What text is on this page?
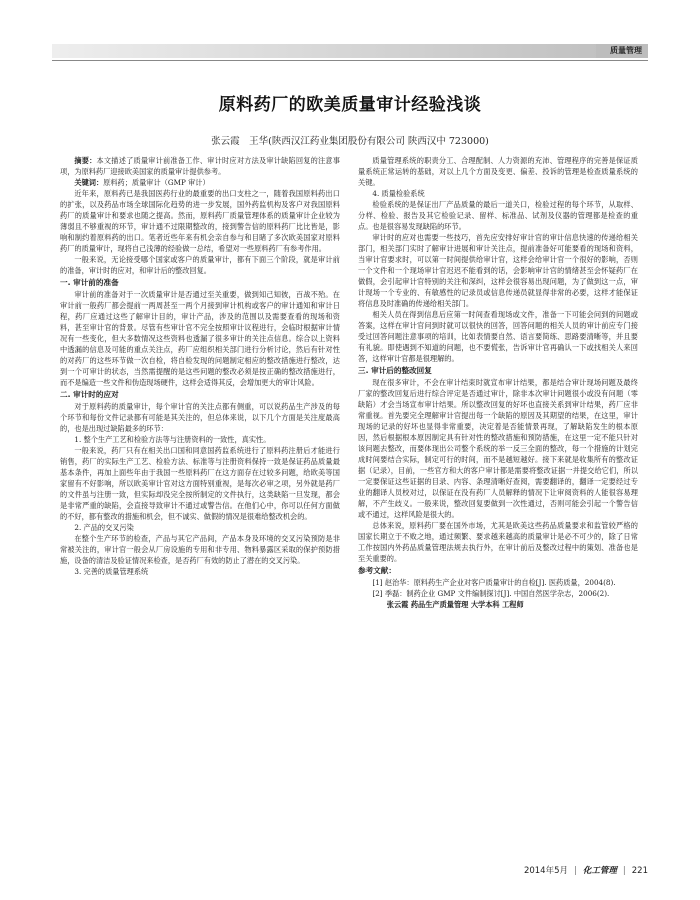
质量管理
原料药厂的欧美质量审计经验浅谈
张云霞　王华(陕西汉江药业集团股份有限公司 陕西汉中 723000)

摘要：本文描述了质量审计前准备工作、审计时应对方法及审计缺陷回复的注意事项，为原料药厂迎接欧美国家的质量审计提供参考。

关键词：原料药；质量审计（GMP 审计）

近年来，原料药已是我国医药行业的最重要的出口支柱之一，随着我国原料药出口的扩张，以及药品市场全球国际化趋势的进一步发展，国外药监机构及客户对我国原料药厂的质量审计和要求也随之提高。然而，原料药厂质量管理体系的质量审计企业较为薄弱且不够重视的环节，审计通不过限期整改的，接到警告信的原料药厂比比皆是，影响和制约着原料药的出口。笔者近些年来有机会亲自参与和目睹了多次欧美国家对原料药厂的质量审计，现将自己浅薄的经验做一总结，希望对一些原料药厂有参考作用。

一般来说，无论接受哪个国家或客户的质量审计，都有下面三个阶段，就是审计前的准备，审计时的应对，和审计后的整改回复。

一. 审计前的准备

审计前的准备对于一次质量审计是否通过至关重要，做到知己知彼，百战不殆。在审计前一般药厂都会提前一两周甚至一两个月接到审计机构或客户的审计通知和审计日程，药厂应通过这些了解审计目的，审计产品，涉及的范围以及需要查看的现场和资料，甚至审计官的背景。尽管有些审计官不完全按照审计议程进行，会临时根据审计情况有一些变化，但大多数情况这些资料也透漏了很多审计的关注点信息。综合以上资料中透漏的信息及可能的重点关注点，药厂应组织相关部门进行分析讨论，然后有针对性的对药厂的这些环节做一次自检，将自检发现的问题制定相应的整改措施进行整改，达到一个可审计的状态，当然需提醒的是这些问题的整改必须是按正确的整改措施进行，而不是编造一些文件和伪造现场硬件，这样会适得其反，会增加更大的审计风险。

二. 审计时的应对

对于原料药的质量审计，每个审计官的关注点都有侧重，可以说药品生产涉及的每个环节和每份文件记录都有可能是其关注的，但总体来说，以下几个方面是关注度最高的，也是出现过缺陷最多的环节：

1. 整个生产工艺和检验方法等与注册资料的一致性，真实性。

一般来说，药厂只有在相关出口国和同意国药监系统进行了原料药注册后才能进行销售，药厂的实际生产工艺、检验方法、标准等与注册资料保持一致是保证药品质量最基本条件，再加上面些年由于我国一些原料药厂在这方面存在过较多问题，给欧美等国家留有不好影响，所以欧美审计官对这方面特别重视，是每次必审之项，另外就是药厂的文件虽与注册一致，但实际却没完全按所制定的文件执行，这类缺陷一旦发现，都会是非常严重的缺陷，会直接导致审计不通过或警告信。在他们心中，你可以任何方面做的不好，都有整改的措施和机会，但不诚实、做假的情况是很难给整改机会的。

2. 产品的交叉污染

在整个生产环节的检查，产品与其它产品间，产品本身及环境的交叉污染预防是非常被关注的，审计官一般会从厂房设施的专用和非专用、物料暴露区采取的保护预防措施，设备的清洁及验证情况来检查，是否药厂有效的防止了潜在的交叉污染。

3. 完善的质量管理系统

质量管理系统的职责分工、合理配制、人力资源的充沛、管理程序的完善是保证质量系统正常运转的基础，对以上几个方面及变更、偏差、投诉的管理是检查质量系统的关键。

4. 质量检验系统

检验系统的是保证出厂产品质量的最后一道关口，检验过程的每个环节，从取样、分样、检验、报告及其它检验记录、留样、标准品、试剂及仪器的管理都是检查的重点。也是很容易发现缺陷的环节。

审计时的应对也需要一些技巧，首先应安排好审计官的审计信息快速的传递给相关部门，相关部门实时了解审计进展和审计关注点，提前准备好可能要看的现场和资料，当审计官要求时，可以第一时间提供给审计官，这样会给审计官一个很好的影响，否则一个文件和一个现场审计官迟迟不能看到的话，会影响审计官的情绪甚至会怀疑药厂在做假，会引起审计官特别的关注和深纠，这样会很容易出现问题，为了做到这一点，审计现场一个专业的、有敏感性的记录员或信息传递员就显得非常的必要，这样才能保证将信息及时准确的传递给相关部门。

相关人员在得到信息后应第一时间查看现场或文件，准备一下可能会问到的问题或答案，这样在审计官问到时就可以很快的回答，回答问题的相关人员的审计前应专门接受过回答问题注意事项的培训，比如表情要自然、语言要简练、思路要清晰等，并且要有礼貌。即使遇到不知道的问题，也不要慌张，告诉审计官再确认一下或找相关人来回答，这样审计官都是很理解的。

三. 审计后的整改回复

现在很多审计，不会在审计结束时就宣布审计结果，都是结合审计现场问题及最终厂家的整改回复后进行综合评定是否通过审计，除非本次审计问题很小或没有问题（零缺陷）才会当场宣布审计结果。所以整改回复的好坏也直接关系到审计结果，药厂应非常重视。首先要完全理解审计官提出每一个缺陷的原因及其期望的结果，在这里，审计现场的记录的好坏也显得非常重要，决定着是否能情景再现，了解缺陷发生的根本原因，然后根据根本原因制定具有针对性的整改措施和预防措施，在这里一定不能只针对该问题去整改，而要体现出公司整个系统的举一反三全面的整改，每一个措施的计划完成时间要结合实际，制定可行的时间，而不是越短越好。接下来就是收集所有的整改证据（记录），目前，一些官方和大的客户审计都是需要将整改证据一并提交给它们，所以一定要保证这些证据的目录、内容、条理清晰好查阅，需要翻译的，翻译一定要经过专业的翻译人员校对过，以保证在没有药厂人员解释的情况下让审阅资料的人能很容易理解，不产生歧义。一般来说，整改回复要做到一次性通过，否则可能会引起一个警告信或不通过，这样风险是很大的。

总体来说，原料药厂要在国外市场，尤其是欧美这些药品质量要求和监管较严格的国家长期立于不败之地，通过频繁、要求越来越高的质量审计是必不可少的，除了日常工作按国内外药品质量管理法规去执行外，在审计前后及整改过程中的策划、准备也是至关重要的。

参考文献：

[1] 赵治华：原料药生产企业对客户质量审计的自检[J]. 医药质量，2004(8).

[2] 季磊：制药企业 GMP 文件编制探讨[J]. 中国自然医学杂志，2006(2).

张云霞 药品生产质量管理 大学本科 工程师

2014年5月 | 化工管理 | 221
